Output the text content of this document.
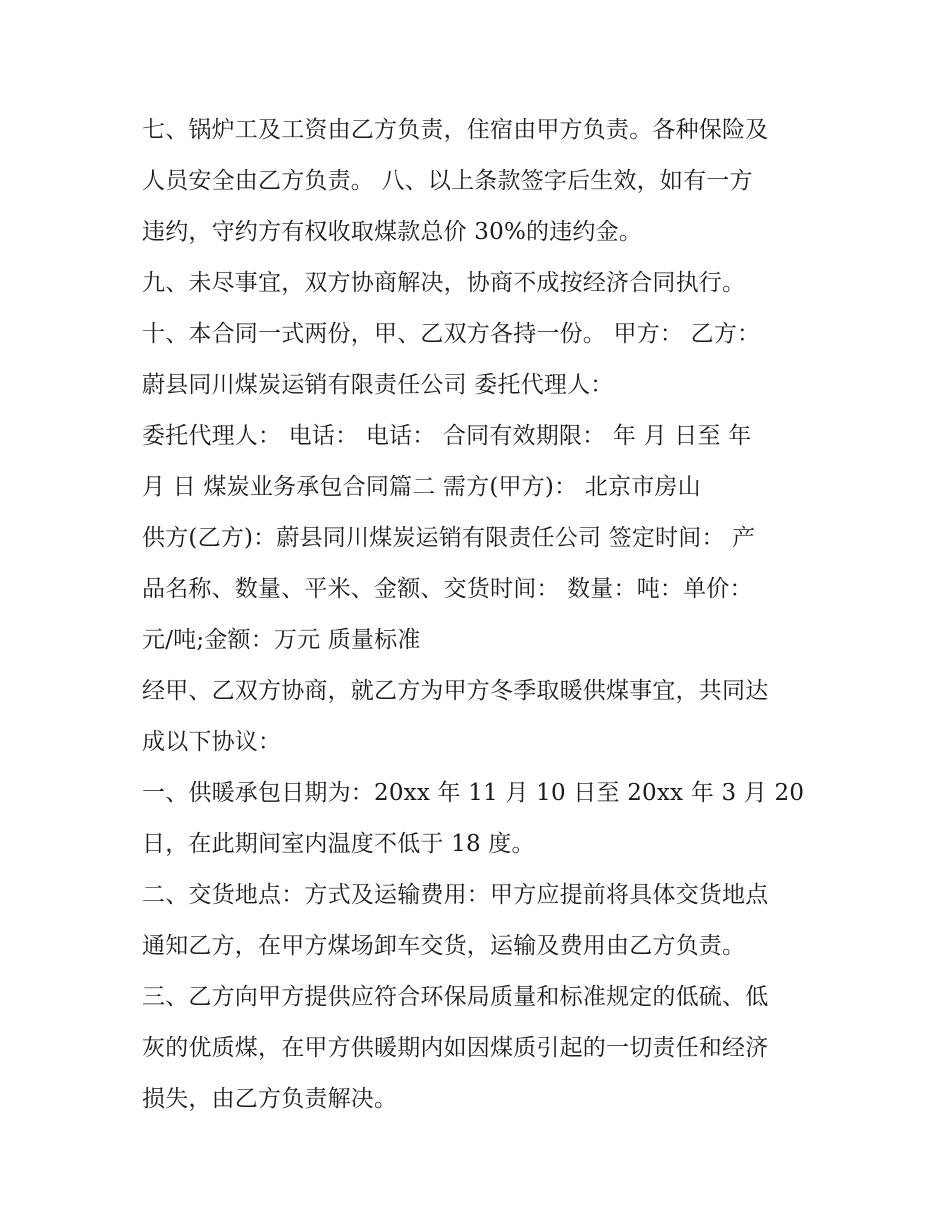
七、锅炉工及工资由乙方负责，住宿由甲方负责。各种保险及
人员安全由乙方负责。 八、以上条款签字后生效，如有一方
违约，守约方有权收取煤款总价 30%的违约金。
九、未尽事宜，双方协商解决，协商不成按经济合同执行。
十、本合同一式两份，甲、乙双方各持一份。 甲方： 乙方：
蔚县同川煤炭运销有限责任公司 委托代理人：
委托代理人： 电话： 电话： 合同有效期限： 年 月 日至 年
月 日 煤炭业务承包合同篇二 需方(甲方)： 北京市房山
供方(乙方)：蔚县同川煤炭运销有限责任公司 签定时间： 产
品名称、数量、平米、金额、交货时间： 数量：吨：单价：
元/吨;金额：万元 质量标准
经甲、乙双方协商，就乙方为甲方冬季取暖供煤事宜，共同达
成以下协议：
一、供暖承包日期为：20xx 年 11 月 10 日至 20xx 年 3 月 20
日，在此期间室内温度不低于 18 度。
二、交货地点：方式及运输费用：甲方应提前将具体交货地点
通知乙方，在甲方煤场卸车交货，运输及费用由乙方负责。
三、乙方向甲方提供应符合环保局质量和标准规定的低硫、低
灰的优质煤，在甲方供暖期内如因煤质引起的一切责任和经济
损失，由乙方负责解决。
